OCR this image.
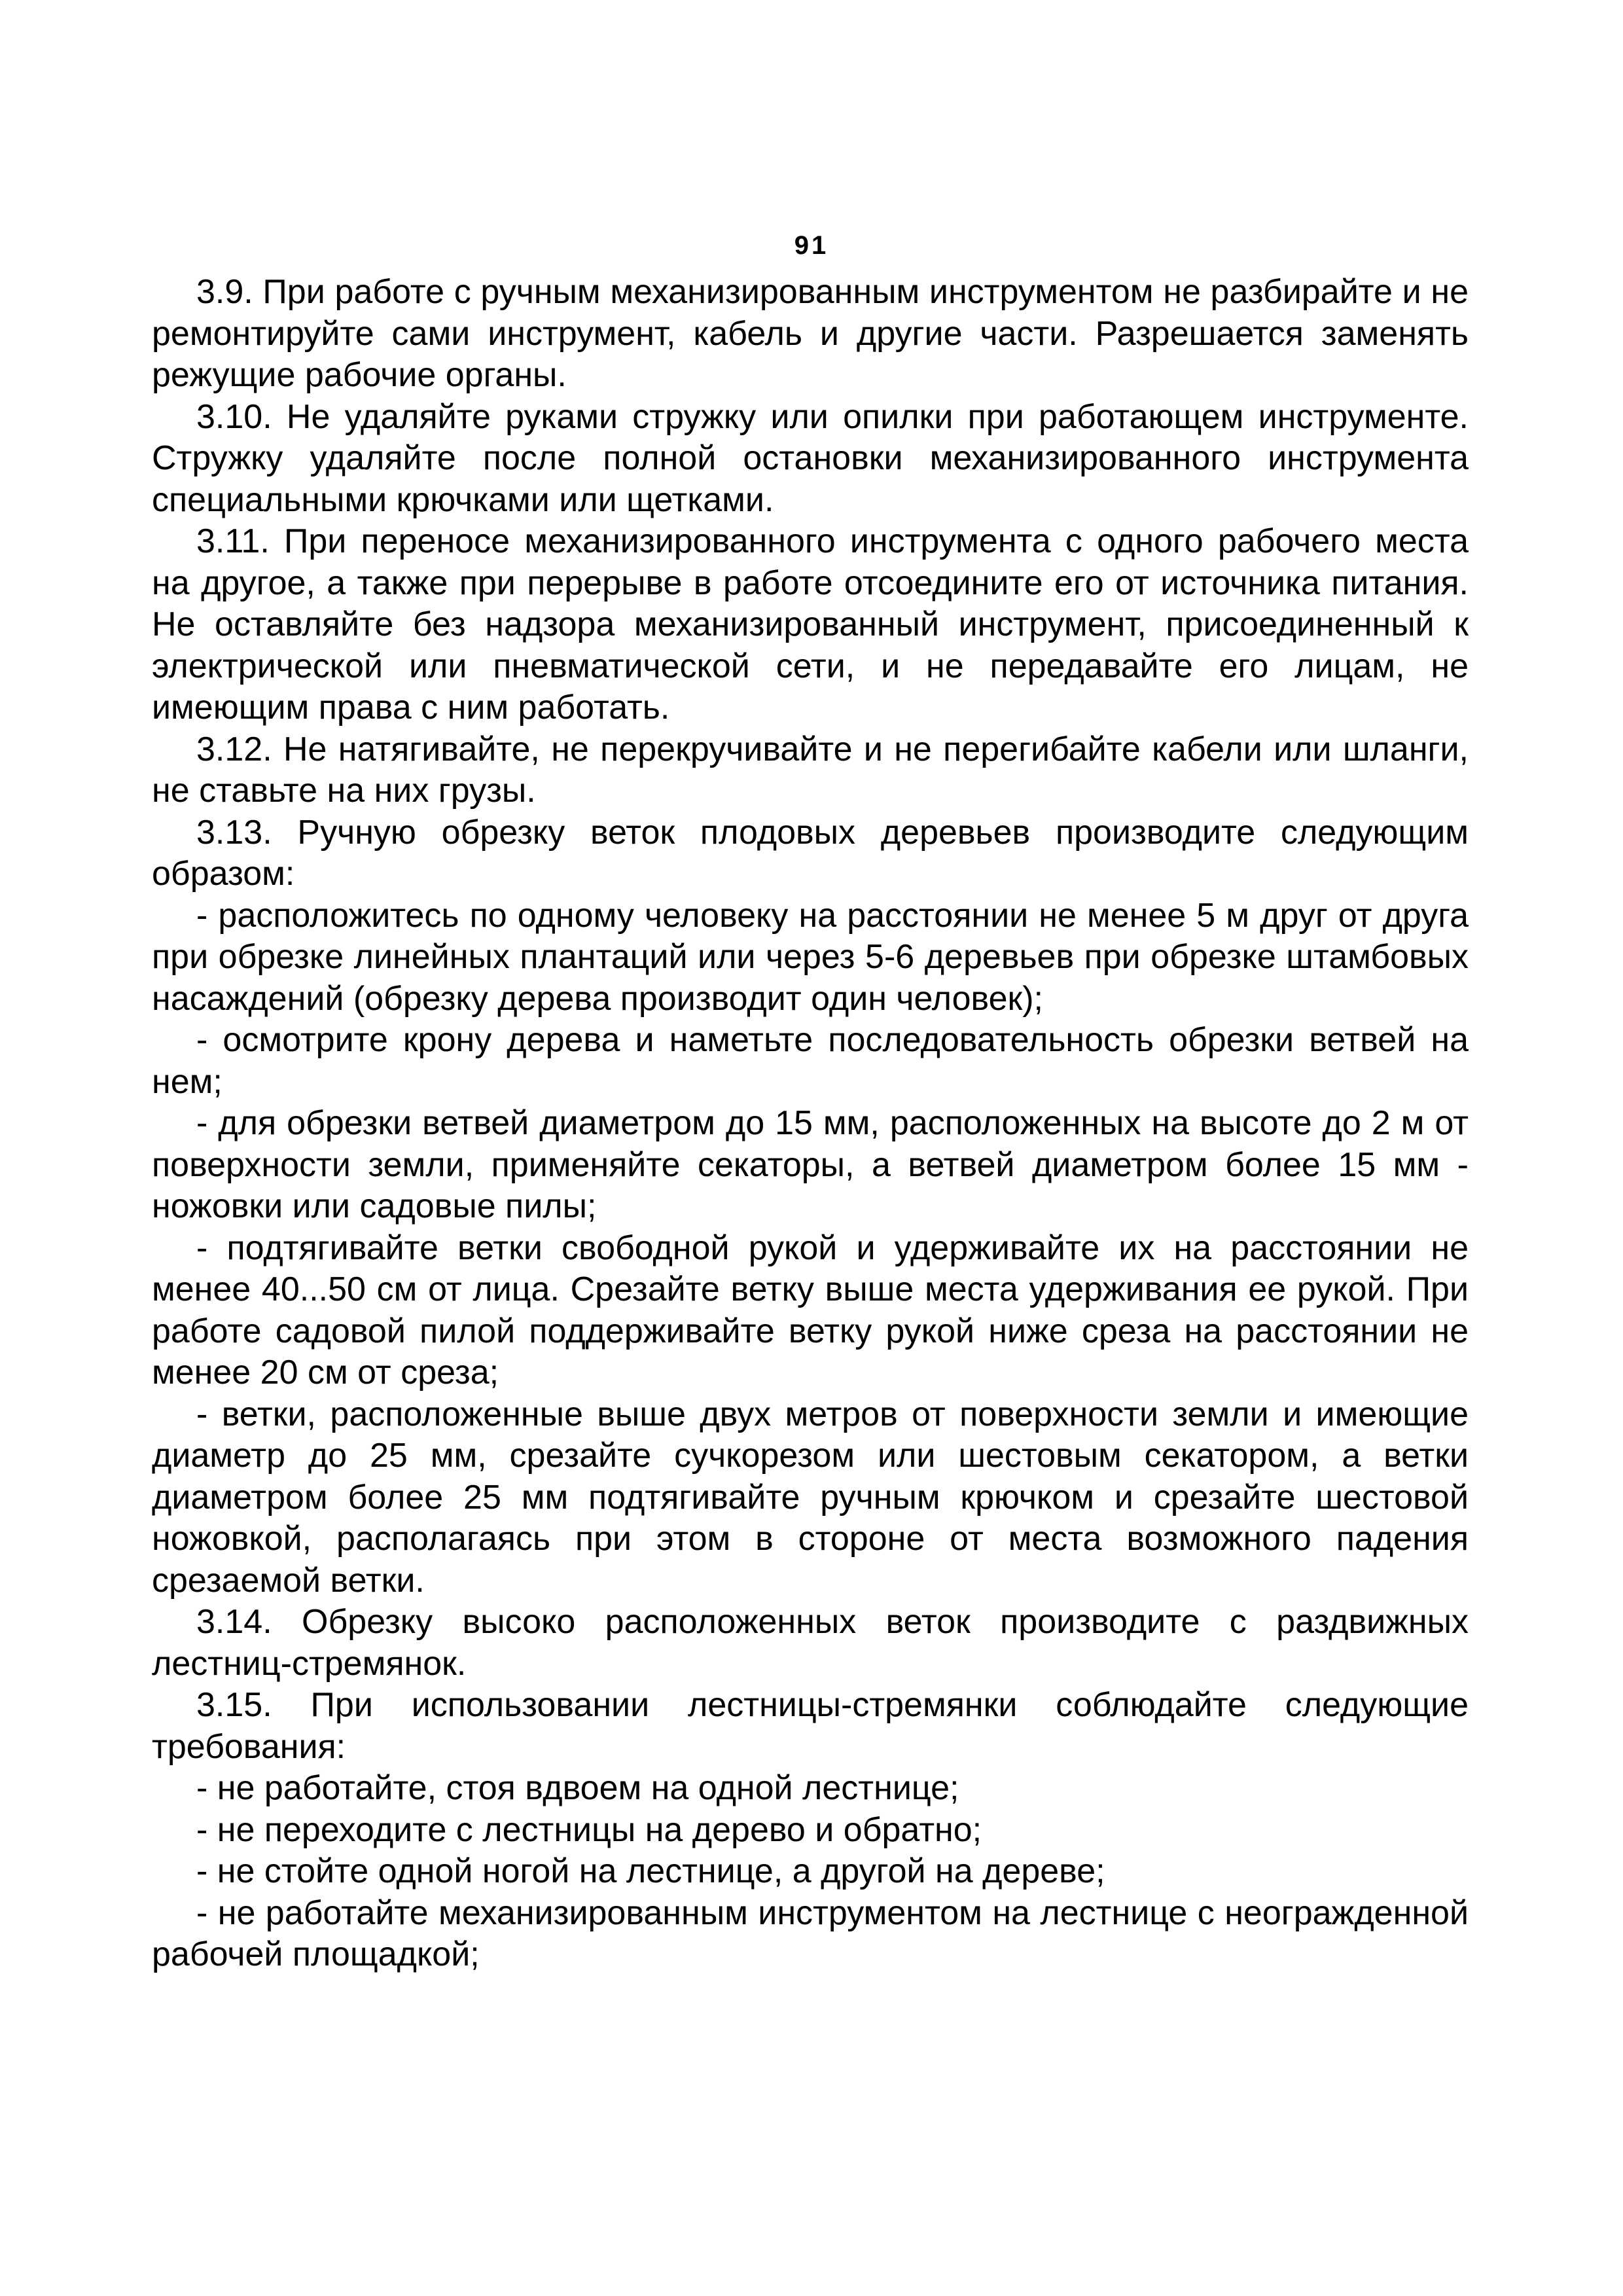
91

3.9. При работе с ручным механизированным инструментом не разбирайте и не ремонтируйте сами инструмент, кабель и другие части. Разрешается заменять режущие рабочие органы.

3.10. Не удаляйте руками стружку или опилки при работающем инструменте. Стружку удаляйте после полной остановки механизированного инструмента специальными крючками или щетками.

3.11. При переносе механизированного инструмента с одного рабочего места на другое, а также при перерыве в работе отсоедините его от источника питания. Не оставляйте без надзора механизированный инструмент, присоединенный к электрической или пневматической сети, и не передавайте его лицам, не имеющим права с ним работать.

3.12. Не натягивайте, не перекручивайте и не перегибайте кабели или шланги, не ставьте на них грузы.

3.13. Ручную обрезку веток плодовых деревьев производите следующим образом:

- расположитесь по одному человеку на расстоянии не менее 5 м друг от друга при обрезке линейных плантаций или через 5-6 деревьев при обрезке штамбовых насаждений (обрезку дерева производит один человек);

- осмотрите крону дерева и наметьте последовательность обрезки ветвей на нем;

- для обрезки ветвей диаметром до 15 мм, расположенных на высоте до 2 м от поверхности земли, применяйте секаторы, а ветвей диаметром более 15 мм - ножовки или садовые пилы;

- подтягивайте ветки свободной рукой и удерживайте их на расстоянии не менее 40...50 см от лица. Срезайте ветку выше места удерживания ее рукой. При работе садовой пилой поддерживайте ветку рукой ниже среза на расстоянии не менее 20 см от среза;

- ветки, расположенные выше двух метров от поверхности земли и имеющие диаметр до 25 мм, срезайте сучкорезом или шестовым секатором, а ветки диаметром более 25 мм подтягивайте ручным крючком и срезайте шестовой ножовкой, располагаясь при этом в стороне от места возможного падения срезаемой ветки.

3.14. Обрезку высоко расположенных веток производите с раздвижных лестниц-стремянок.

3.15. При использовании лестницы-стремянки соблюдайте следующие требования:

- не работайте, стоя вдвоем на одной лестнице;

- не переходите с лестницы на дерево и обратно;

- не стойте одной ногой на лестнице, а другой на дереве;

- не работайте механизированным инструментом на лестнице с неогражденной рабочей площадкой;
